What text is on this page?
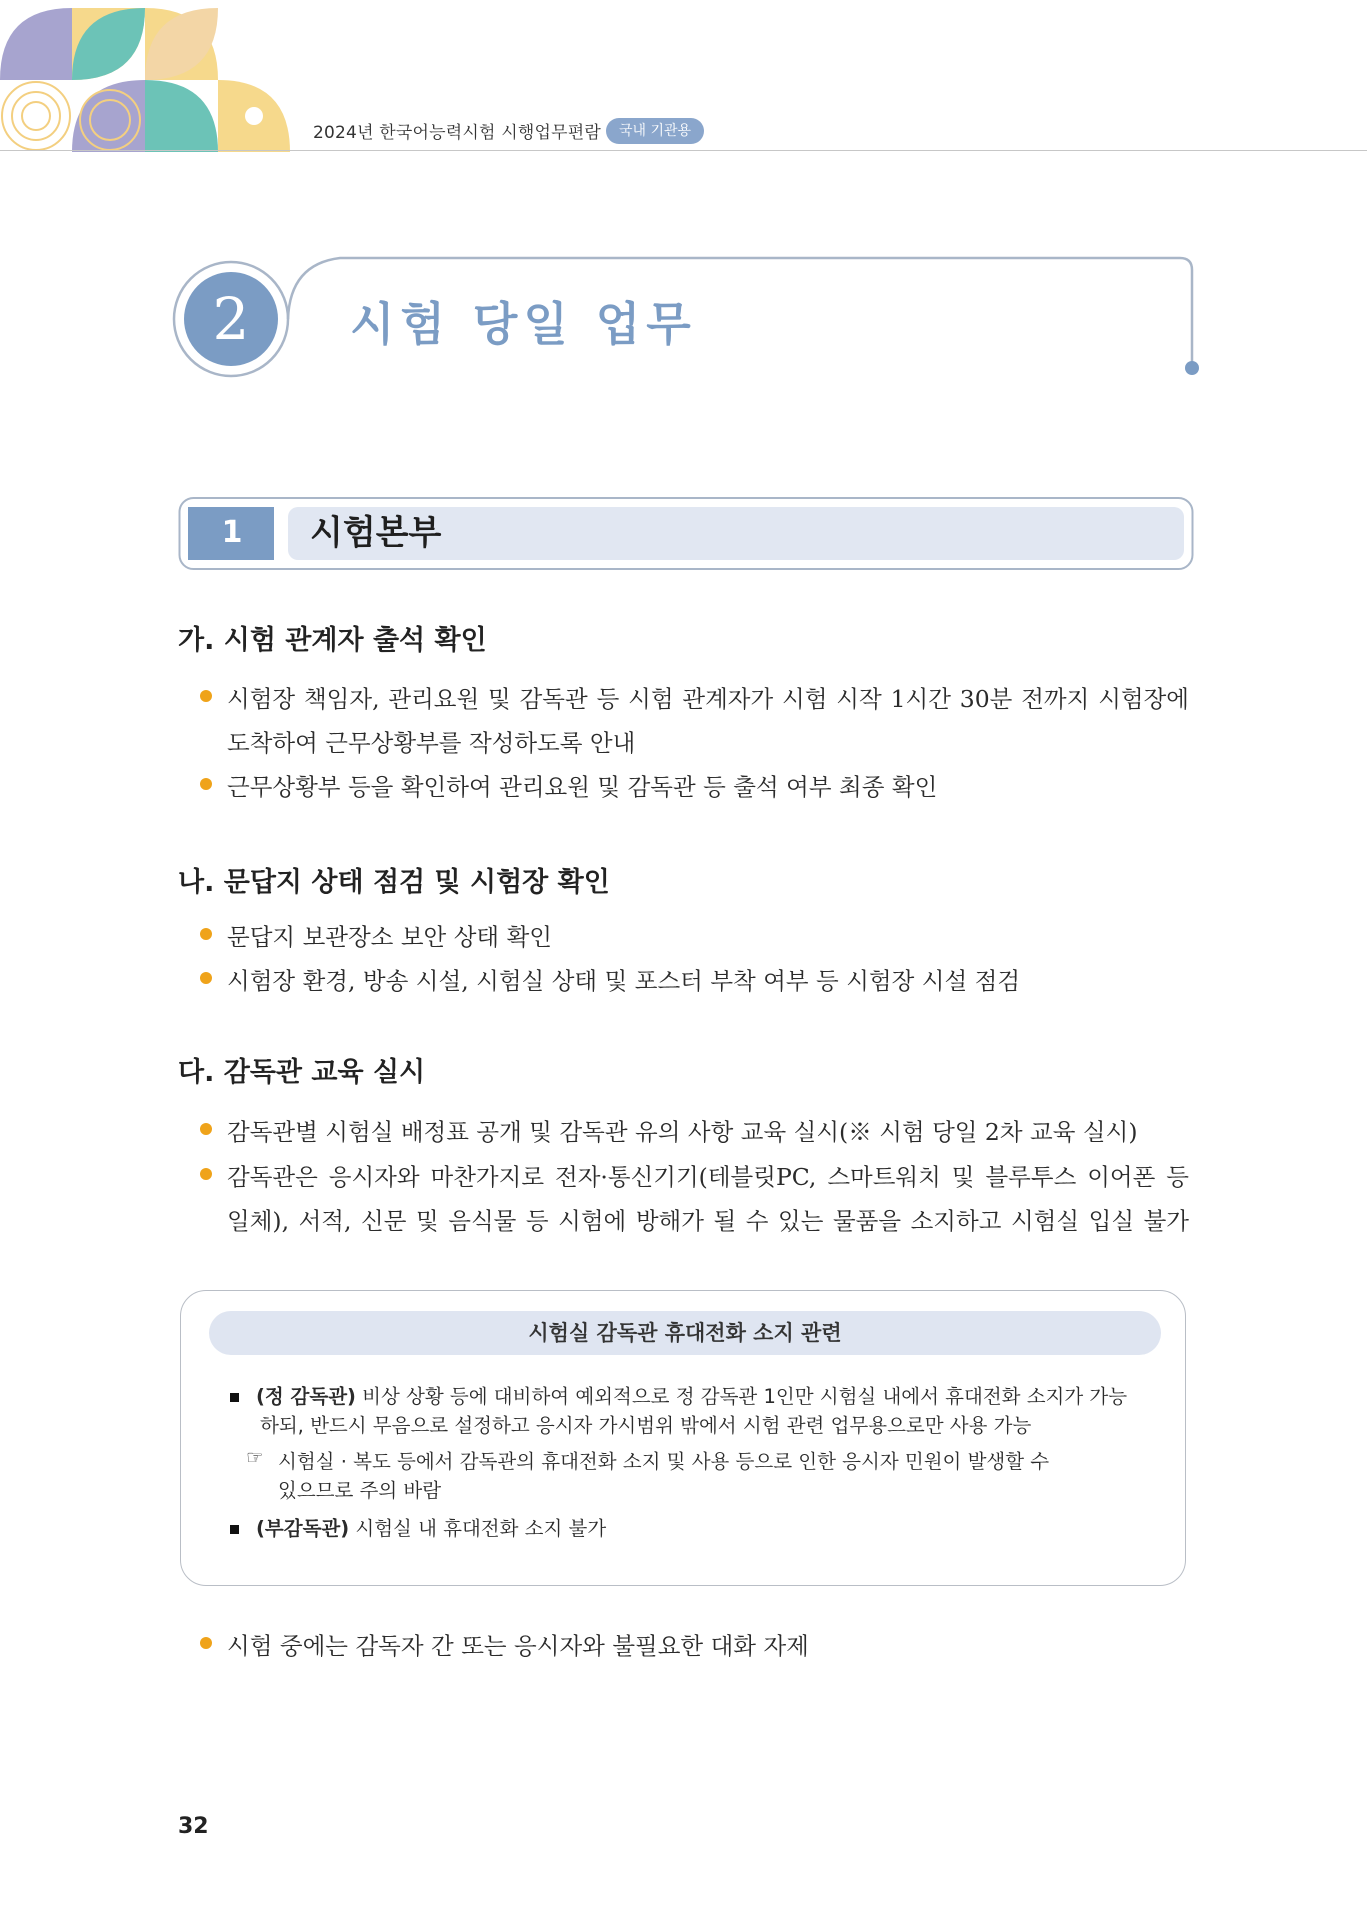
2024년 한국어능력시험 시행업무편람	국내 기관용
2	시험 당일 업무
1	시험본부
가. 시험 관계자 출석 확인
시험장 책임자, 관리요원 및 감독관 등 시험 관계자가 시험 시작 1시간 30분 전까지 시험장에
도착하여 근무상황부를 작성하도록 안내
근무상황부 등을 확인하여 관리요원 및 감독관 등 출석 여부 최종 확인
나. 문답지 상태 점검 및 시험장 확인
문답지 보관장소 보안 상태 확인
시험장 환경, 방송 시설, 시험실 상태 및 포스터 부착 여부 등 시험장 시설 점검
다. 감독관 교육 실시
감독관별 시험실 배정표 공개 및 감독관 유의 사항 교육 실시(※ 시험 당일 2차 교육 실시)
감독관은 응시자와 마찬가지로 전자·통신기기(테블릿PC, 스마트워치 및 블루투스 이어폰 등
일체), 서적, 신문 및 음식물 등 시험에 방해가 될 수 있는 물품을 소지하고 시험실 입실 불가
시험실 감독관 휴대전화 소지 관련
(정 감독관) 비상 상황 등에 대비하여 예외적으로 정 감독관 1인만 시험실 내에서 휴대전화 소지가 가능
하되, 반드시 무음으로 설정하고 응시자 가시범위 밖에서 시험 관련 업무용으로만 사용 가능
☞ 시험실 · 복도 등에서 감독관의 휴대전화 소지 및 사용 등으로 인한 응시자 민원이 발생할 수
있으므로 주의 바람
(부감독관) 시험실 내 휴대전화 소지 불가
시험 중에는 감독자 간 또는 응시자와 불필요한 대화 자제
32
